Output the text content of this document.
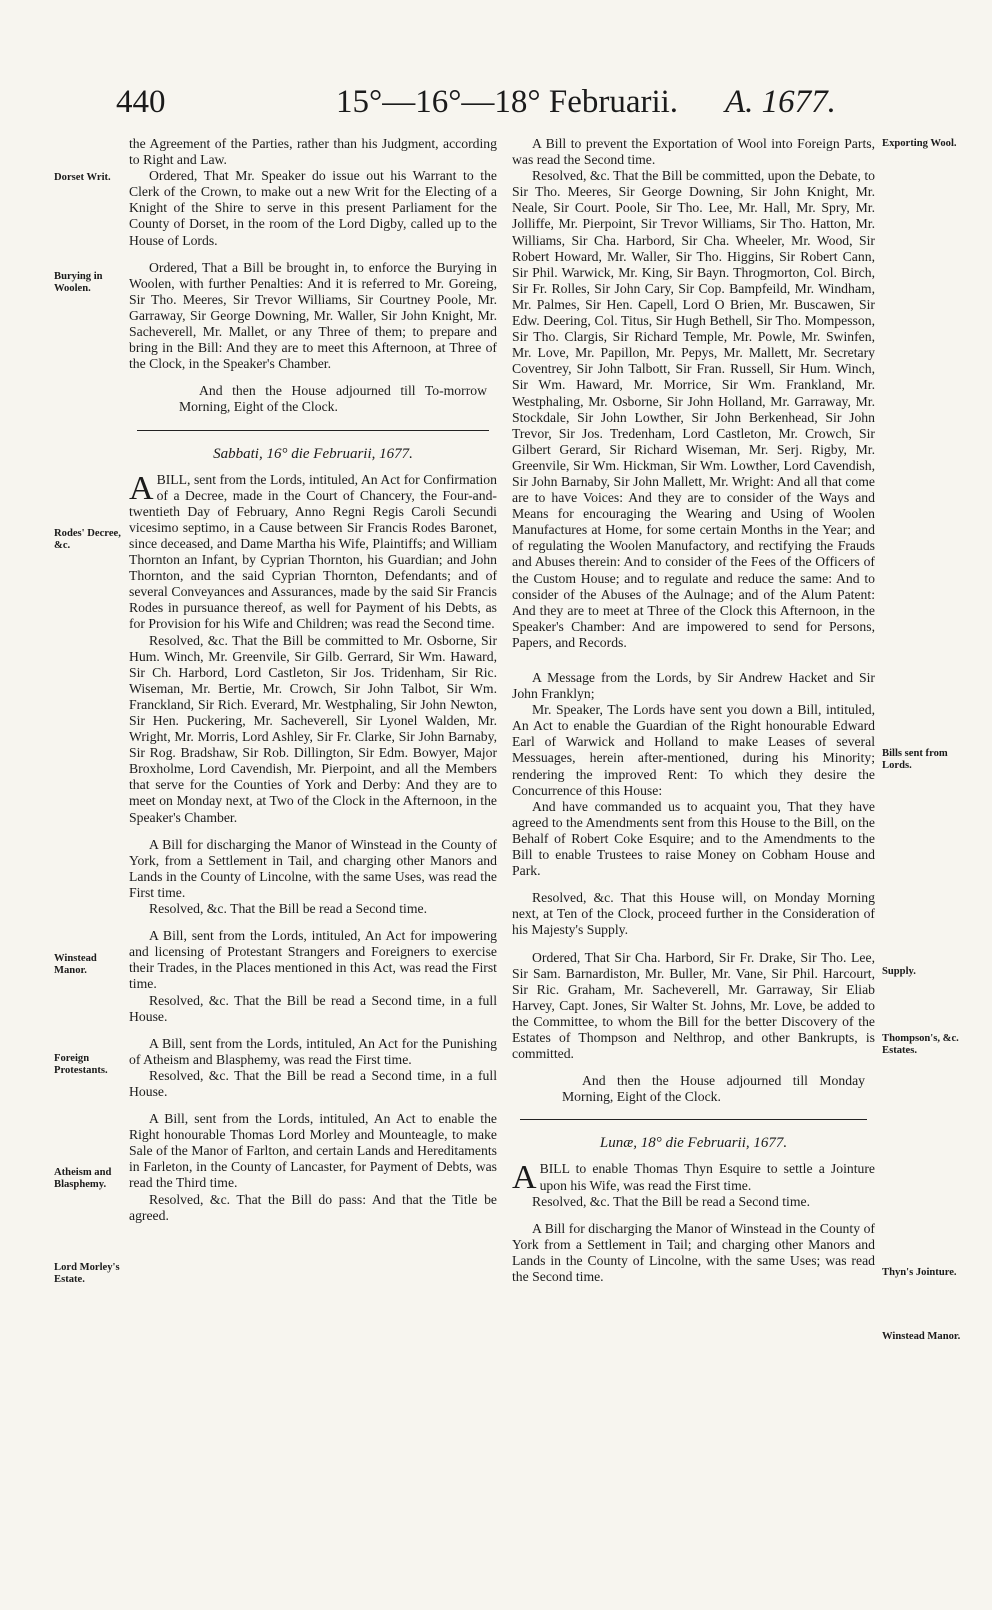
440	15°—16°—18° Februarii. A. 1677.

the Agreement of the Parties, rather than his Judgment, according to Right and Law.

Ordered, That Mr. Speaker do issue out his Warrant to the Clerk of the Crown, to make out a new Writ for the Electing of a Knight of the Shire to serve in this present Parliament for the County of Dorset, in the room of the Lord Digby, called up to the House of Lords.

Ordered, That a Bill be brought in, to enforce the Burying in Woolen, with further Penalties: And it is referred to Mr. Goreing, Sir Tho. Meeres, Sir Trevor Williams, Sir Courtney Poole, Mr. Garraway, Sir George Downing, Mr. Waller, Sir John Knight, Mr. Sacheverell, Mr. Mallet, or any Three of them; to prepare and bring in the Bill: And they are to meet this Afternoon, at Three of the Clock, in the Speaker's Chamber.

And then the House adjourned till To-morrow Morning, Eight of the Clock.

Sabbati, 16° die Februarii, 1677.

ABILL, sent from the Lords, intituled, An Act for Confirmation of a Decree, made in the Court of Chancery, the Four-and-twentieth Day of February, Anno Regni Regis Caroli Secundi vicesimo septimo, in a Cause between Sir Francis Rodes Baronet, since deceased, and Dame Martha his Wife, Plaintiffs; and William Thornton an Infant, by Cyprian Thornton, his Guardian; and John Thornton, and the said Cyprian Thornton, Defendants; and of several Conveyances and Assurances, made by the said Sir Francis Rodes in pursuance thereof, as well for Payment of his Debts, as for Provision for his Wife and Children; was read the Second time.

Resolved, &c. That the Bill be committed to Mr. Osborne, Sir Hum. Winch, Mr. Greenvile, Sir Gilb. Gerrard, Sir Wm. Haward, Sir Ch. Harbord, Lord Castleton, Sir Jos. Tridenham, Sir Ric. Wiseman, Mr. Bertie, Mr. Crowch, Sir John Talbot, Sir Wm. Franckland, Sir Rich. Everard, Mr. Westphaling, Sir John Newton, Sir Hen. Puckering, Mr. Sacheverell, Sir Lyonel Walden, Mr. Wright, Mr. Morris, Lord Ashley, Sir Fr. Clarke, Sir John Barnaby, Sir Rog. Bradshaw, Sir Rob. Dillington, Sir Edm. Bowyer, Major Broxholme, Lord Cavendish, Mr. Pierpoint, and all the Members that serve for the Counties of York and Derby: And they are to meet on Monday next, at Two of the Clock in the Afternoon, in the Speaker's Chamber.

A Bill for discharging the Manor of Winstead in the County of York, from a Settlement in Tail, and charging other Manors and Lands in the County of Lincolne, with the same Uses, was read the First time.

Resolved, &c. That the Bill be read a Second time.

A Bill, sent from the Lords, intituled, An Act for impowering and licensing of Protestant Strangers and Foreigners to exercise their Trades, in the Places mentioned in this Act, was read the First time.

Resolved, &c. That the Bill be read a Second time, in a full House.

A Bill, sent from the Lords, intituled, An Act for the Punishing of Atheism and Blasphemy, was read the First time.

Resolved, &c. That the Bill be read a Second time, in a full House.

A Bill, sent from the Lords, intituled, An Act to enable the Right honourable Thomas Lord Morley and Mounteagle, to make Sale of the Manor of Farlton, and certain Lands and Hereditaments in Farleton, in the County of Lancaster, for Payment of Debts, was read the Third time.

Resolved, &c. That the Bill do pass: And that the Title be agreed.

Dorset Writ.
Burying in Woolen.
Rodes' Decree, &c.
Winstead Manor.
Foreign Protestants.
Atheism and Blasphemy.
Lord Morley's Estate.

A Bill to prevent the Exportation of Wool into Foreign Parts, was read the Second time.

Resolved, &c. That the Bill be committed, upon the Debate, to Sir Tho. Meeres, Sir George Downing, Sir John Knight, Mr. Neale, Sir Court. Poole, Sir Tho. Lee, Mr. Hall, Mr. Spry, Mr. Jolliffe, Mr. Pierpoint, Sir Trevor Williams, Sir Tho. Hatton, Mr. Williams, Sir Cha. Harbord, Sir Cha. Wheeler, Mr. Wood, Sir Robert Howard, Mr. Waller, Sir Tho. Higgins, Sir Robert Cann, Sir Phil. Warwick, Mr. King, Sir Bayn. Throgmorton, Col. Birch, Sir Fr. Rolles, Sir John Cary, Sir Cop. Bampfeild, Mr. Windham, Mr. Palmes, Sir Hen. Capell, Lord O Brien, Mr. Buscawen, Sir Edw. Deering, Col. Titus, Sir Hugh Bethell, Sir Tho. Mompesson, Sir Tho. Clargis, Sir Richard Temple, Mr. Powle, Mr. Swinfen, Mr. Love, Mr. Papillon, Mr. Pepys, Mr. Mallett, Mr. Secretary Coventrey, Sir John Talbott, Sir Fran. Russell, Sir Hum. Winch, Sir Wm. Haward, Mr. Morrice, Sir Wm. Frankland, Mr. Westphaling, Mr. Osborne, Sir John Holland, Mr. Garraway, Mr. Stockdale, Sir John Lowther, Sir John Berkenhead, Sir John Trevor, Sir Jos. Tredenham, Lord Castleton, Mr. Crowch, Sir Gilbert Gerard, Sir Richard Wiseman, Mr. Serj. Rigby, Mr. Greenvile, Sir Wm. Hickman, Sir Wm. Lowther, Lord Cavendish, Sir John Barnaby, Sir John Mallett, Mr. Wright: And all that come are to have Voices: And they are to consider of the Ways and Means for encouraging the Wearing and Using of Woolen Manufactures at Home, for some certain Months in the Year; and of regulating the Woolen Manufactory, and rectifying the Frauds and Abuses therein: And to consider of the Fees of the Officers of the Custom House; and to regulate and reduce the same: And to consider of the Abuses of the Aulnage; and of the Alum Patent: And they are to meet at Three of the Clock this Afternoon, in the Speaker's Chamber: And are impowered to send for Persons, Papers, and Records.

A Message from the Lords, by Sir Andrew Hacket and Sir John Franklyn;

Mr. Speaker, The Lords have sent you down a Bill, intituled, An Act to enable the Guardian of the Right honourable Edward Earl of Warwick and Holland to make Leases of several Messuages, herein after-mentioned, during his Minority; rendering the improved Rent: To which they desire the Concurrence of this House:

And have commanded us to acquaint you, That they have agreed to the Amendments sent from this House to the Bill, on the Behalf of Robert Coke Esquire; and to the Amendments to the Bill to enable Trustees to raise Money on Cobham House and Park.

Resolved, &c. That this House will, on Monday Morning next, at Ten of the Clock, proceed further in the Consideration of his Majesty's Supply.

Ordered, That Sir Cha. Harbord, Sir Fr. Drake, Sir Tho. Lee, Sir Sam. Barnardiston, Mr. Buller, Mr. Vane, Sir Phil. Harcourt, Sir Ric. Graham, Mr. Sacheverell, Mr. Garraway, Sir Eliab Harvey, Capt. Jones, Sir Walter St. Johns, Mr. Love, be added to the Committee, to whom the Bill for the better Discovery of the Estates of Thompson and Nelthrop, and other Bankrupts, is committed.

And then the House adjourned till Monday Morning, Eight of the Clock.

Lunæ, 18° die Februarii, 1677.

ABILL to enable Thomas Thyn Esquire to settle a Jointure upon his Wife, was read the First time.

Resolved, &c. That the Bill be read a Second time.

A Bill for discharging the Manor of Winstead in the County of York from a Settlement in Tail; and charging other Manors and Lands in the County of Lincolne, with the same Uses; was read the Second time.

Exporting Wool.
Bills sent from Lords.
Supply.
Thompson's, &c. Estates.
Thyn's Jointure.
Winstead Manor.
